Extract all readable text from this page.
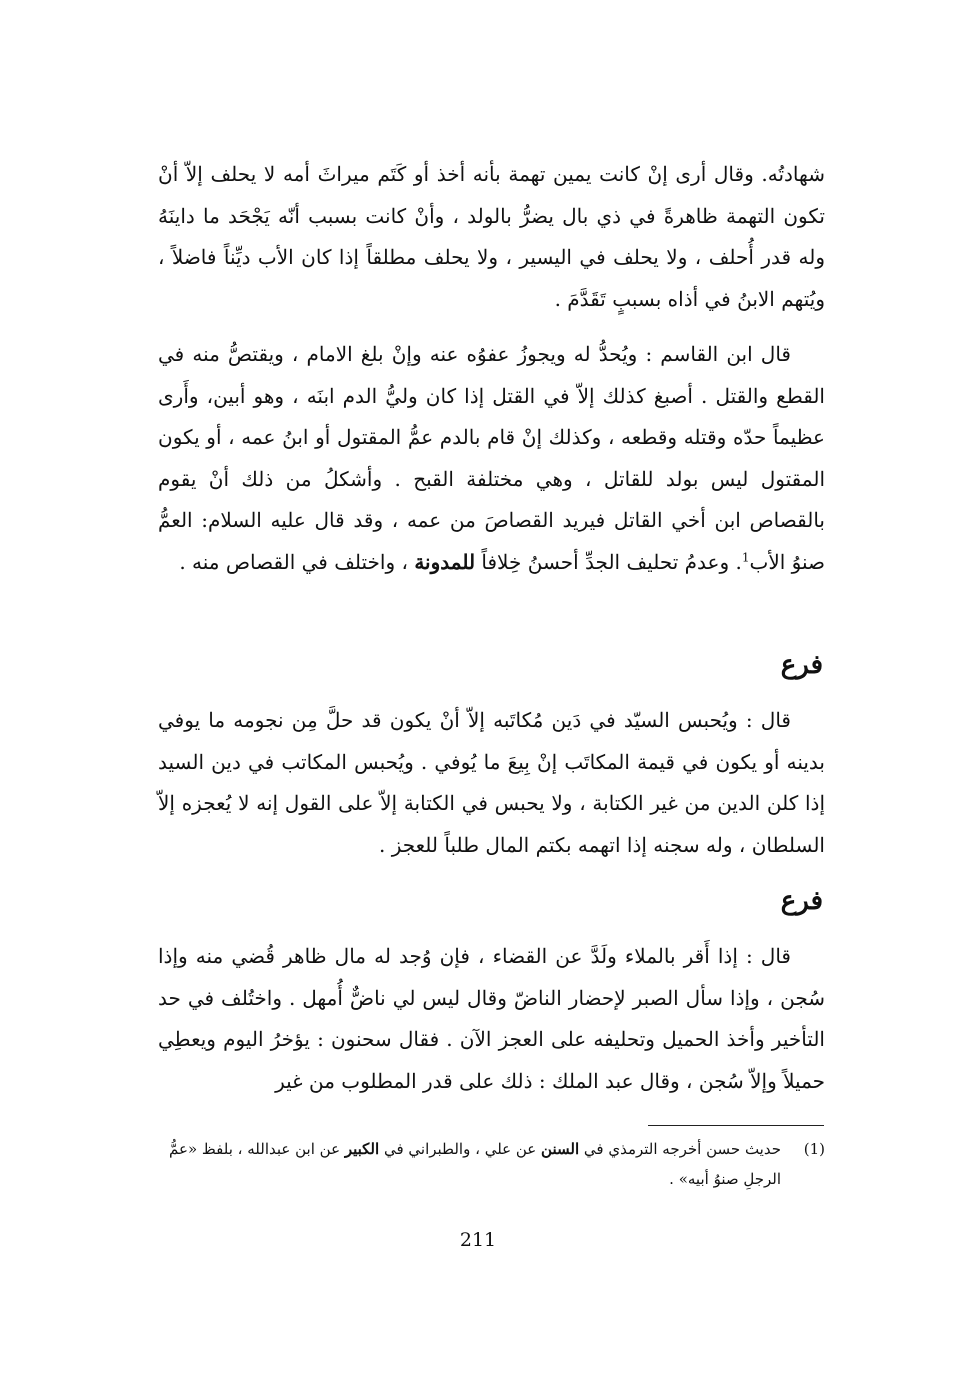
شهادتُه. وقال أرى إنْ كانت يمين تهمة بأنه أخذ أو كَتَم ميراثَ أمه لا يحلف إلاّ أنْ تكون التهمة ظاهرةً في ذي بال يضرُّ بالولد ، وأنْ كانت بسبب أنّه يَجْحَد ما داينَهُ وله قدر أُحلف ، ولا يحلف في اليسير ، ولا يحلف مطلقاً إذا كان الأب ديِّناً فاضلاً ، ويُتهم الابنُ في أذاه بسببٍ تَقَدَّمَ .

قال ابن القاسم : ويُحدُّ له ويجوزُ عفوُه عنه وإنْ بلغ الامام ، ويقتصُّ منه في القطع والقتل . أصبغ كذلك إلاّ في القتل إذا كان وليُّ الدم ابنَه ، وهو أبين، وأَرى عظيماً حدّه وقتله وقطعه ، وكذلك إنْ قام بالدم عمُّ المقتول أو ابنُ عمه ، أو يكون المقتول ليس بولد للقاتل ، وهي مختلفة القبح . وأشكلُ من ذلك أنْ يقوم بالقصاص ابن أخي القاتل فيريد القصاصَ من عمه ، وقد قال عليه السلام: العمُّ صنوُ الأب$^1$. وعدمُ تحليف الجدِّ أحسنُ خِلافاً للمدونة ، واختلف في القصاص منه .

فرع

قال : ويُحبس السيّد في دَين مُكاتَبه إلاّ أنْ يكون قد حلَّ مِن نجومه ما يوفي بدينه أو يكون في قيمة المكاتَب إنْ بِيعَ ما يُوفي . ويُحبس المكاتب في دين السيد إذا كلن الدين من غير الكتابة ، ولا يحبس في الكتابة إلاّ على القول إنه لا يُعجزه إلاّ السلطان ، وله سجنه إذا اتهمه بكتم المال طلباً للعجز .

فرع

قال : إذا أَقر بالملاء ولَدَّ عن القضاء ، فإن وُجد له مال ظاهر قُضي منه وإذا سُجن ، وإذا سأل الصبر لإحضار الناضّ وقال ليس لي ناضٌّ أُمهل . واختُلف في حد التأخير وأخذ الحميل وتحليفه على العجز الآن . فقال سحنون : يؤخرُ اليوم ويعطِي حميلاً وإلاّ سُجن ، وقال عبد الملك : ذلك على قدر المطلوب من غير

(1)
حديث حسن أخرجه الترمذي في السنن عن علي ، والطبراني في الكبير عن ابن عبدالله ، بلفظ «عمُّ الرجلِ صنوُ أبيه» .
211
